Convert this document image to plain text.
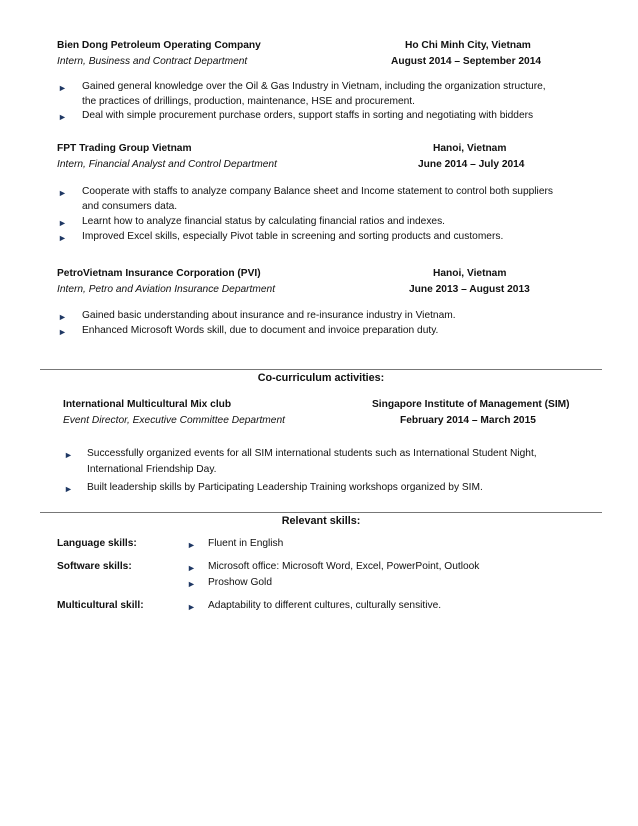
Bien Dong Petroleum Operating Company	Ho Chi Minh City, Vietnam
Intern, Business and Contract Department	August 2014 – September 2014
► Gained general knowledge over the Oil & Gas Industry in Vietnam, including the organization structure,
the practices of drillings, production, maintenance, HSE and procurement.
► Deal with simple procurement purchase orders, support staffs in sorting and negotiating with bidders
FPT Trading Group Vietnam	Hanoi, Vietnam
Intern, Financial Analyst and Control Department	June 2014 – July 2014
► Cooperate with staffs to analyze company Balance sheet and Income statement to control both suppliers
and consumers data.
► Learnt how to analyze financial status by calculating financial ratios and indexes.
► Improved Excel skills, especially Pivot table in screening and sorting products and customers.
PetroVietnam Insurance Corporation (PVI)	Hanoi, Vietnam
Intern, Petro and Aviation Insurance Department	June 2013 – August 2013
► Gained basic understanding about insurance and re-insurance industry in Vietnam.
► Enhanced Microsoft Words skill, due to document and invoice preparation duty.
Co-curriculum activities:
International Multicultural Mix club	Singapore Institute of Management (SIM)
Event Director, Executive Committee Department	February 2014 – March 2015
► Successfully organized events for all SIM international students such as International Student Night,
International Friendship Day.
► Built leadership skills by Participating Leadership Training workshops organized by SIM.
Relevant skills:
Language skills:	► Fluent in English
Software skills:	► Microsoft office: Microsoft Word, Excel, PowerPoint, Outlook
► Proshow Gold
Multicultural skill:	► Adaptability to different cultures, culturally sensitive.
